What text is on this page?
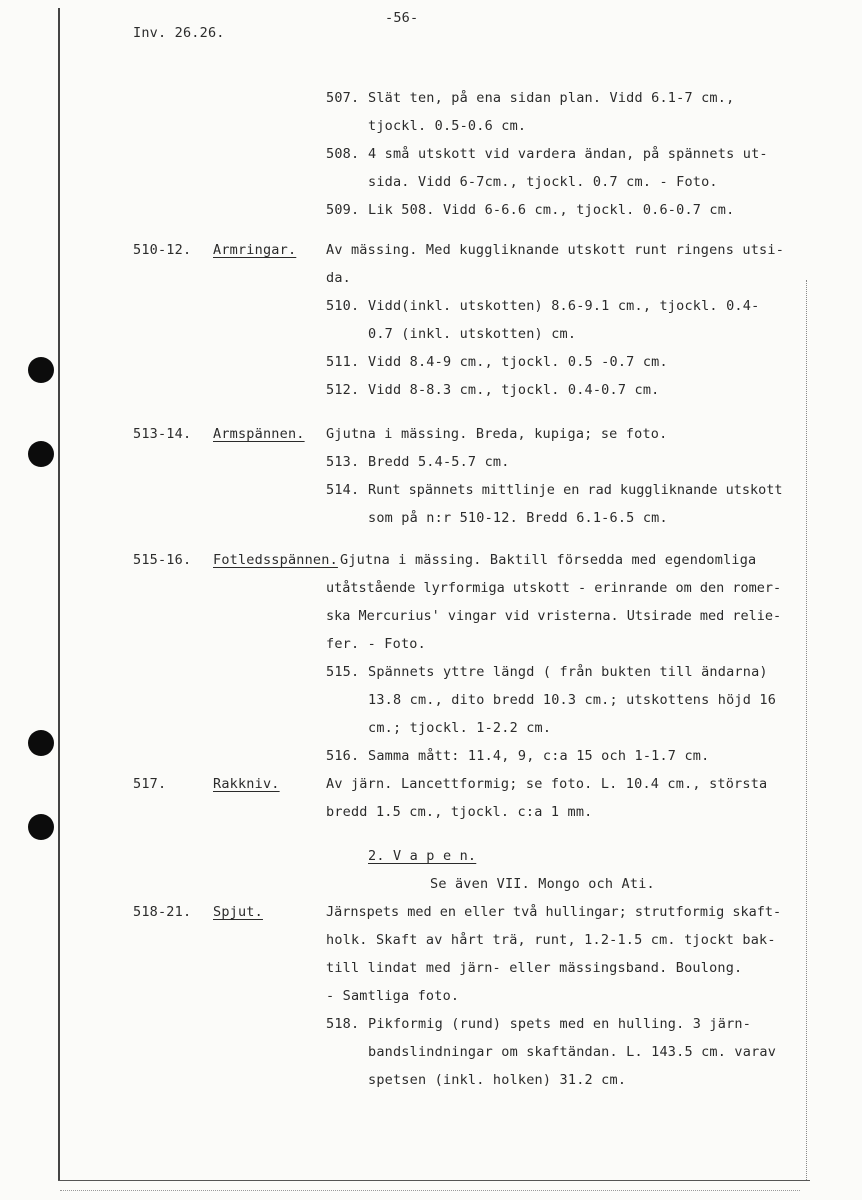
Inv. 26.26.
-56-
507. Slät ten, på ena sidan plan. Vidd 6.1-7 cm.,
tjockl. 0.5-0.6 cm.
508. 4 små utskott vid vardera ändan, på spännets ut-
sida. Vidd 6-7cm., tjockl. 0.7 cm. - Foto.
509. Lik 508. Vidd 6-6.6 cm., tjockl. 0.6-0.7 cm.
510-12. Armringar. Av mässing. Med kuggliknande utskott runt ringens utsi-
da.
510. Vidd(inkl. utskotten) 8.6-9.1 cm., tjockl. 0.4-
0.7 (inkl. utskotten) cm.
511. Vidd 8.4-9 cm., tjockl. 0.5 -0.7 cm.
512. Vidd 8-8.3 cm., tjockl. 0.4-0.7 cm.
513-14. Armspännen. Gjutna i mässing. Breda, kupiga; se foto.
513. Bredd 5.4-5.7 cm.
514. Runt spännets mittlinje en rad kuggliknande utskott
som på n:r 510-12. Bredd 6.1-6.5 cm.
515-16. Fotledsspännen. Gjutna i mässing. Baktill försedda med egendomliga
utåtstående lyrformiga utskott - erinrande om den romer-
ska Mercurius' vingar vid vristerna. Utsirade med relie-
fer. - Foto.
515. Spännets yttre längd ( från bukten till ändarna)
13.8 cm., dito bredd 10.3 cm.; utskottens höjd 16
cm.; tjockl. 1-2.2 cm.
516. Samma mått: 11.4, 9, c:a 15 och 1-1.7 cm.
517.	Rakkniv.	Av järn. Lancettformig; se foto. L. 10.4 cm., största
bredd 1.5 cm., tjockl. c:a 1 mm.
2. V a p e n.
Se även VII. Mongo och Ati.
518-21. Spjut.	Järnspets med en eller två hullingar; strutformig skaft-
holk. Skaft av hårt trä, runt, 1.2-1.5 cm. tjockt bak-
till lindat med järn- eller mässingsband. Boulong.
- Samtliga foto.
518. Pikformig (rund) spets med en hulling. 3 järn-
bandslindningar om skaftändan. L. 143.5 cm. varav
spetsen (inkl. holken) 31.2 cm.
